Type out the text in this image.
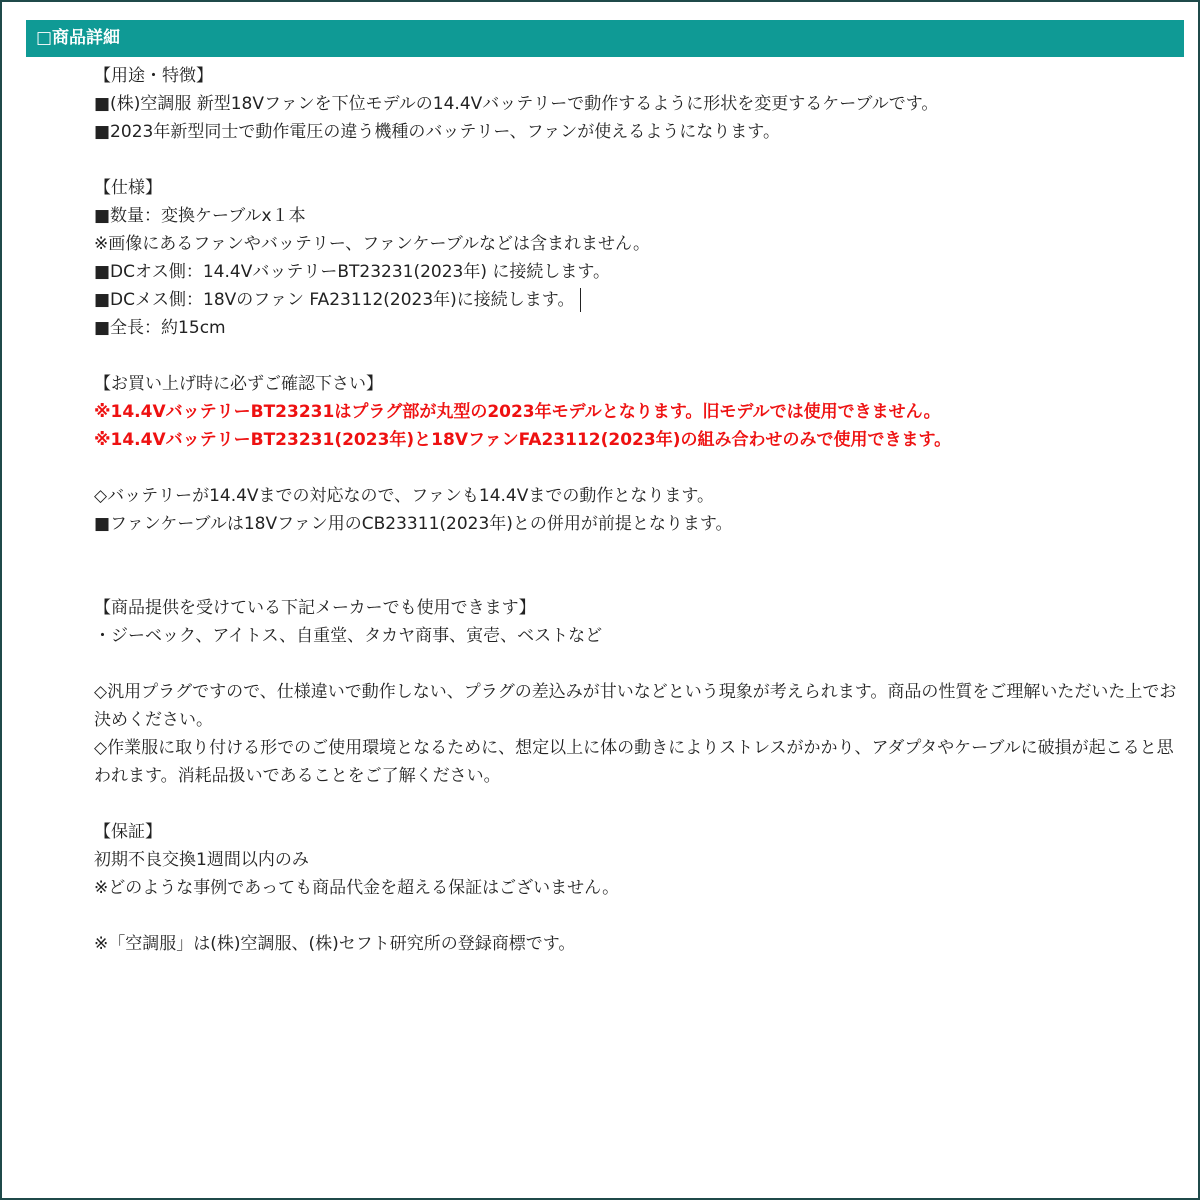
□商品詳細
【用途・特徴】
■(株)空調服 新型18Vファンを下位モデルの14.4Vバッテリーで動作するように形状を変更するケーブルです。
■2023年新型同士で動作電圧の違う機種のバッテリー、ファンが使えるようになります。
【仕様】
■数量：変換ケーブルx１本
※画像にあるファンやバッテリー、ファンケーブルなどは含まれません。
■DCオス側：14.4VバッテリーBT23231(2023年) に接続します。
■DCメス側：18Vのファン FA23112(2023年)に接続します。
■全長：約15cm
【お買い上げ時に必ずご確認下さい】
※14.4VバッテリーBT23231はプラグ部が丸型の2023年モデルとなります。旧モデルでは使用できません。
※14.4VバッテリーBT23231(2023年)と18VファンFA23112(2023年)の組み合わせのみで使用できます。
◇バッテリーが14.4Vまでの対応なので、ファンも14.4Vまでの動作となります。
■ファンケーブルは18Vファン用のCB23311(2023年)との併用が前提となります。
【商品提供を受けている下記メーカーでも使用できます】
・ジーベック、アイトス、自重堂、タカヤ商事、寅壱、ベストなど
◇汎用プラグですので、仕様違いで動作しない、プラグの差込みが甘いなどという現象が考えられます。商品の性質をご理解いただいた上でお決めください。
◇作業服に取り付ける形でのご使用環境となるために、想定以上に体の動きによりストレスがかかり、アダプタやケーブルに破損が起こると思われます。消耗品扱いであることをご了解ください。
【保証】
初期不良交換1週間以内のみ
※どのような事例であっても商品代金を超える保証はございません。
※「空調服」は(株)空調服、(株)セフト研究所の登録商標です。
